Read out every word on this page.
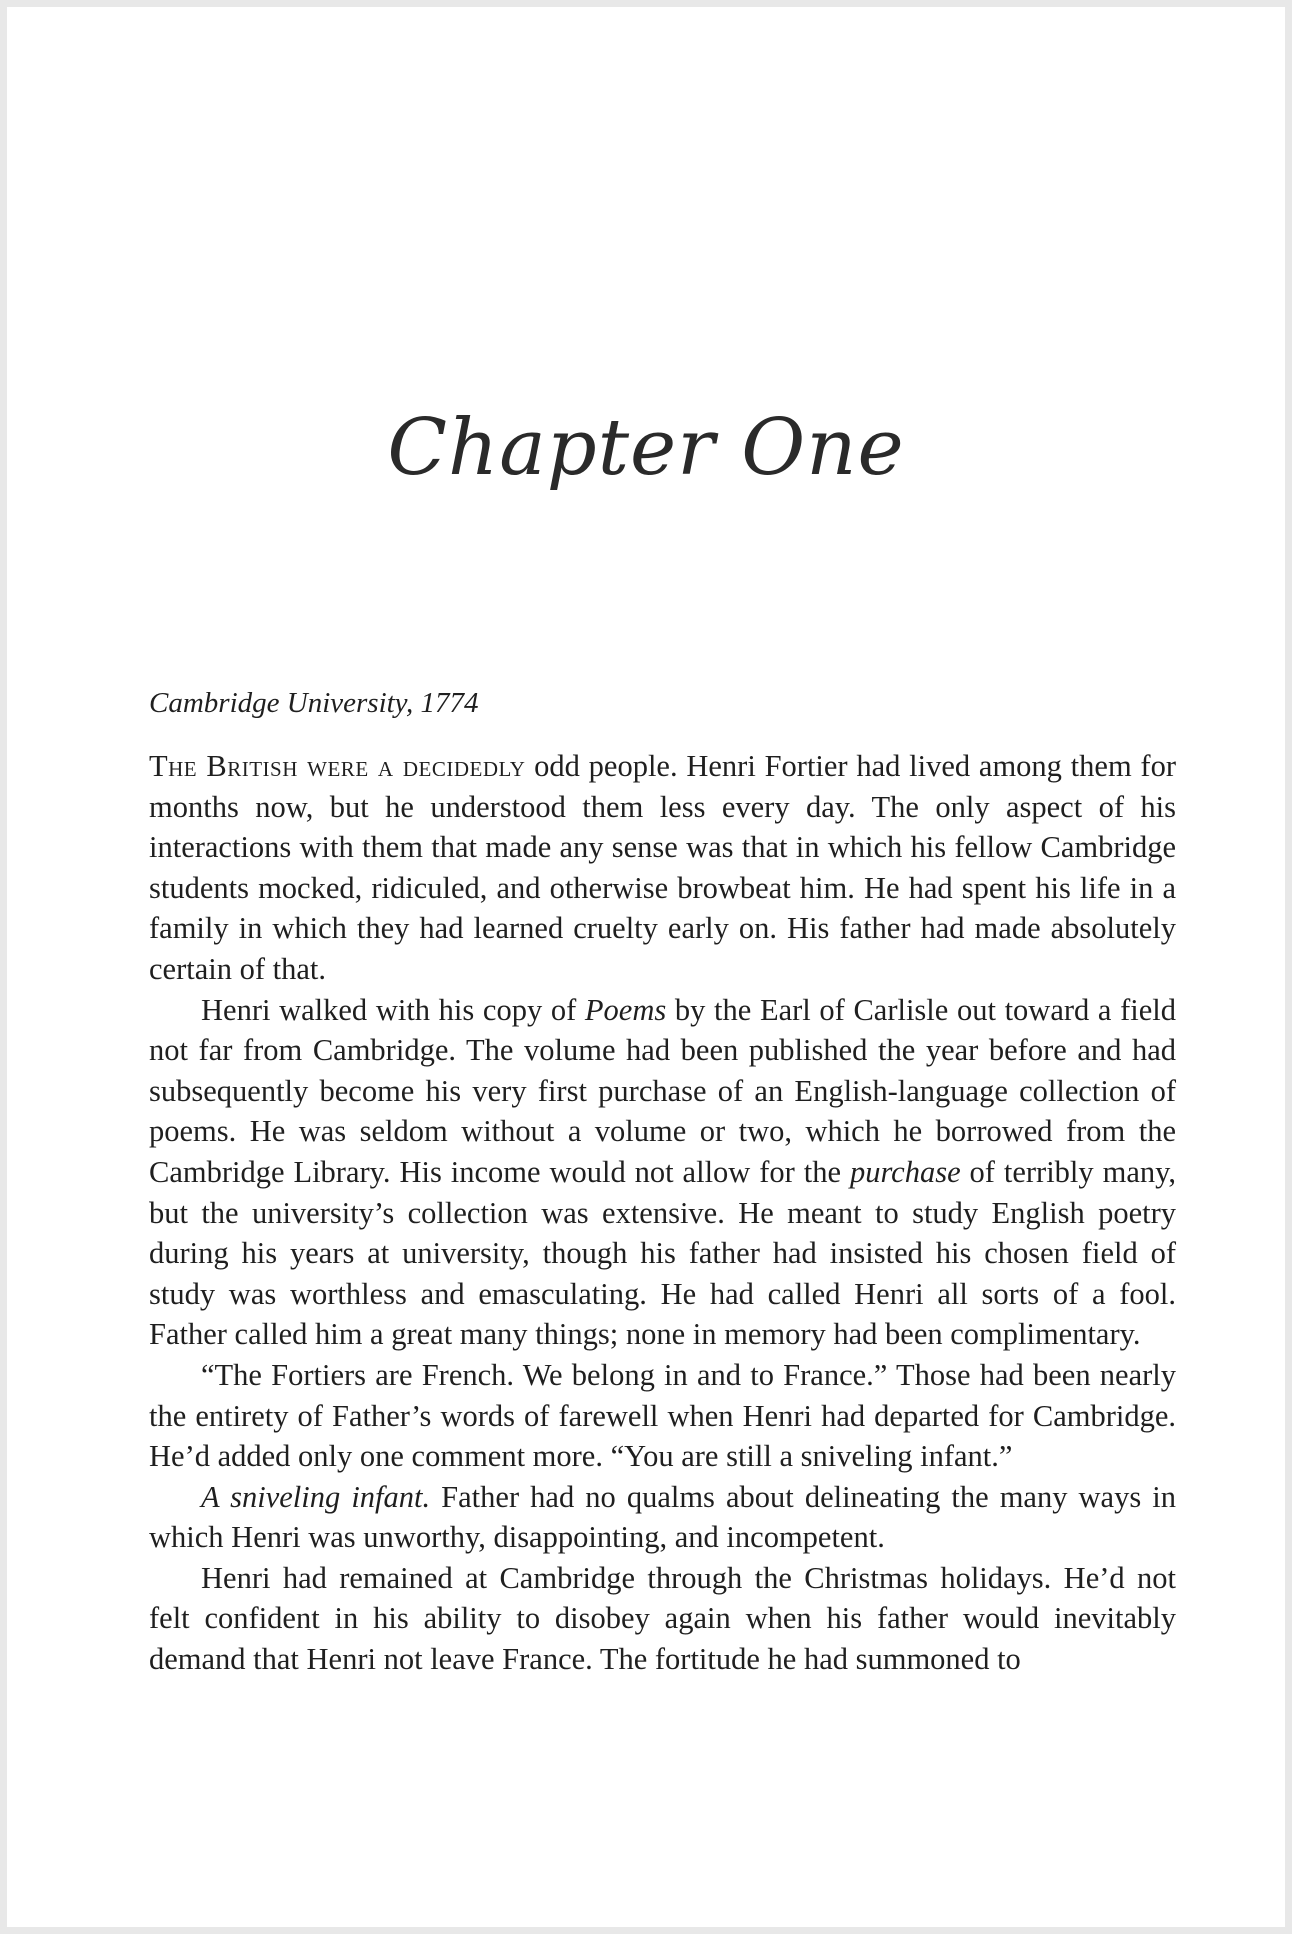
Chapter One
Cambridge University, 1774

The British were a decidedly odd people. Henri Fortier had lived among them for months now, but he understood them less every day. The only aspect of his interactions with them that made any sense was that in which his fellow Cambridge students mocked, ridiculed, and otherwise browbeat him. He had spent his life in a family in which they had learned cruelty early on. His father had made absolutely certain of that.

Henri walked with his copy of Poems by the Earl of Carlisle out toward a field not far from Cambridge. The volume had been published the year before and had subsequently become his very first purchase of an English-language collection of poems. He was seldom without a volume or two, which he borrowed from the Cambridge Library. His income would not allow for the purchase of terribly many, but the university’s collection was extensive. He meant to study English poetry during his years at university, though his father had insisted his chosen field of study was worthless and emasculating. He had called Henri all sorts of a fool. Father called him a great many things; none in memory had been complimentary.

“The Fortiers are French. We belong in and to France.” Those had been nearly the entirety of Father’s words of farewell when Henri had departed for Cambridge. He’d added only one comment more. “You are still a sniveling infant.”

A sniveling infant. Father had no qualms about delineating the many ways in which Henri was unworthy, disappointing, and incompetent.

Henri had remained at Cambridge through the Christmas holidays. He’d not felt confident in his ability to disobey again when his father would inevitably demand that Henri not leave France. The fortitude he had summoned to
